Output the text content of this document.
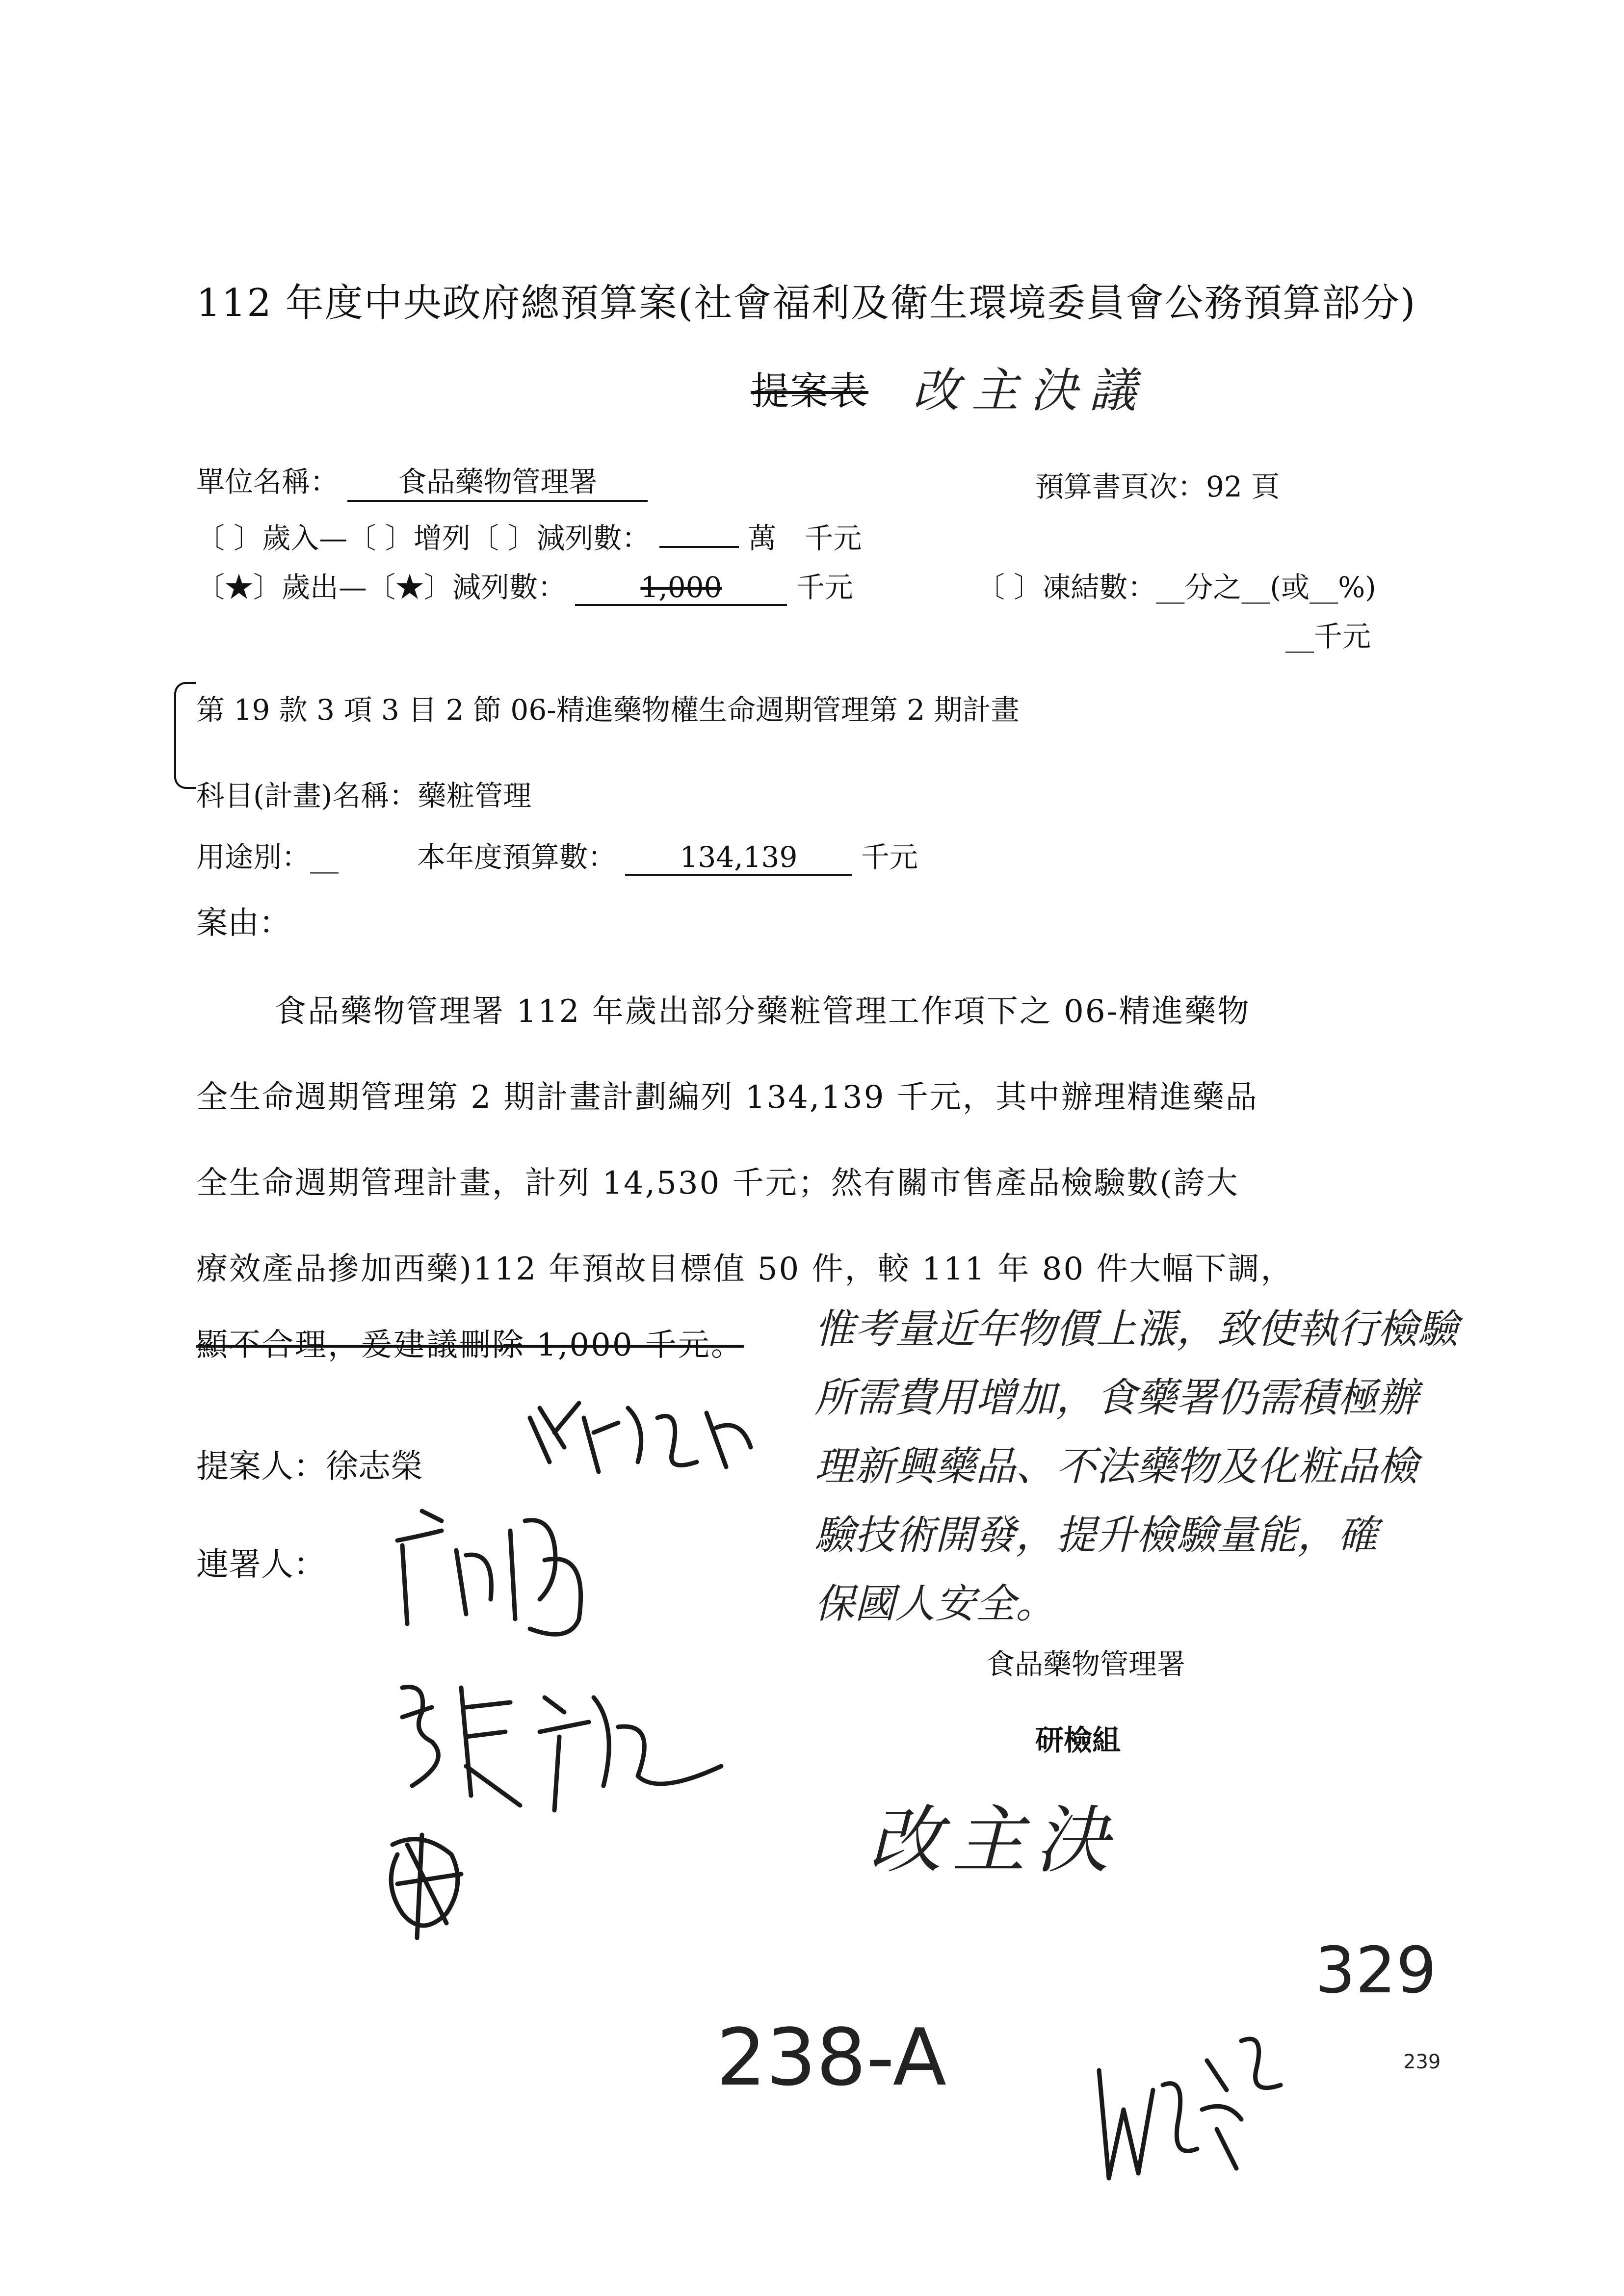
112 年度中央政府總預算案(社會福利及衛生環境委員會公務預算部分)
提案表 改主決議
單位名稱： 食品藥物管理署	預算書頁次：92 頁
〔 〕歲入—〔 〕增列〔 〕減列數：	萬　千元
〔★〕歲出—〔★〕減列數：	1,000	千元	〔 〕凍結數：__分之__(或__%)
__千元
第 19 款 3 項 3 目 2 節 06-精進藥物權生命週期管理第 2 期計畫
科目(計畫)名稱：藥粧管理
用途別：__	本年度預算數： 134,139 千元
案由：
食品藥物管理署 112 年歲出部分藥粧管理工作項下之 06-精進藥物
全生命週期管理第 2 期計畫計劃編列 134,139 千元，其中辦理精進藥品
全生命週期管理計畫，計列 14,530 千元；然有關市售產品檢驗數(誇大
療效產品摻加西藥)112 年預故目標值 50 件，較 111 年 80 件大幅下調，
顯不合理，爰建議刪除 1,000 千元。 惟考量近年物價上漲，致使執行檢驗
所需費用增加，食藥署仍需積極辦
理新興藥品、不法藥物及化粧品檢
驗技術開發，提升檢驗量能，確
保國人安全。
提案人：徐志榮
連署人：
食品藥物管理署
研檢組
改主決
238-A
329
239
